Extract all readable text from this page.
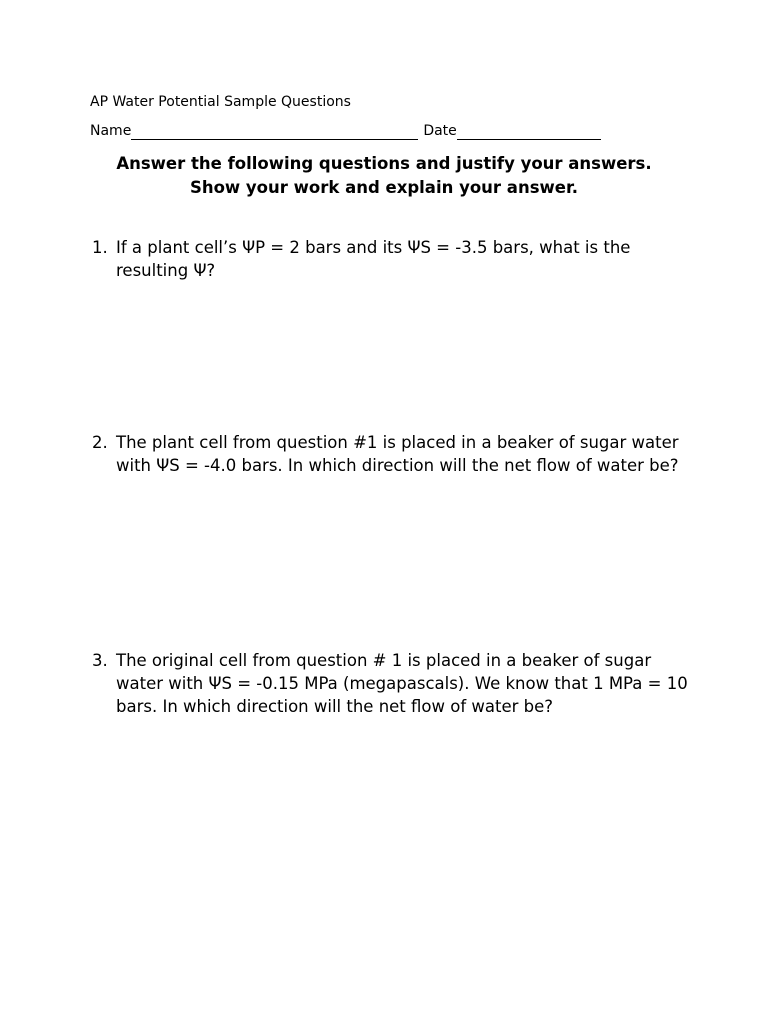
AP Water Potential Sample Questions
Name	Date
Answer the following questions and justify your answers.
Show your work and explain your answer.
1. If a plant cell’s ΨP = 2 bars and its ΨS = -3.5 bars, what is the resulting Ψ?
2. The plant cell from question #1 is placed in a beaker of sugar water with ΨS = -4.0 bars. In which direction will the net flow of water be?
3. The original cell from question # 1 is placed in a beaker of sugar water with ΨS = -0.15 MPa (megapascals). We know that 1 MPa = 10 bars. In which direction will the net flow of water be?
